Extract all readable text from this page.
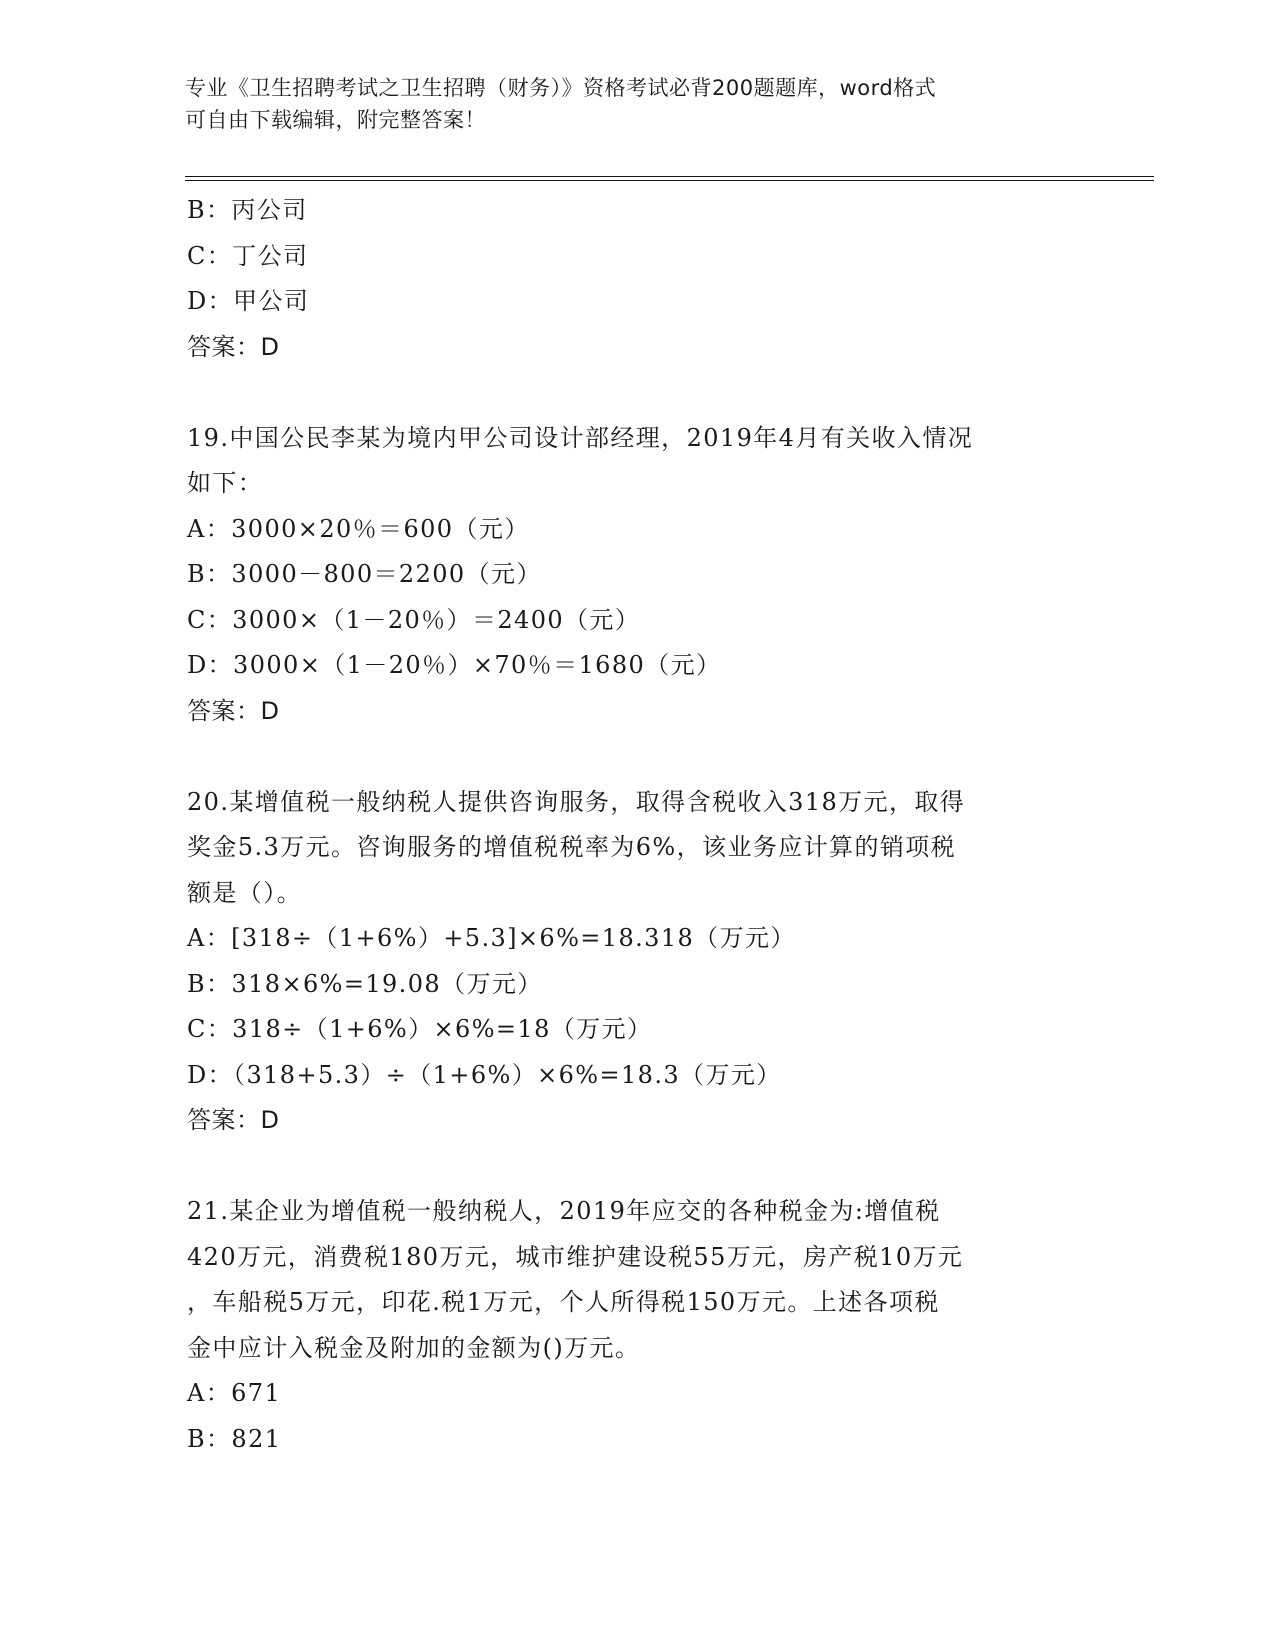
专业《卫生招聘考试之卫生招聘（财务）》资格考试必背200题题库，word格式
可自由下载编辑，附完整答案！
B：丙公司
C：丁公司
D：甲公司
答案：D
19.中国公民李某为境内甲公司设计部经理，2019年4月有关收入情况
如下：
A：3000×20％＝600（元）
B：3000－800＝2200（元）
C：3000×（1－20％）＝2400（元）
D：3000×（1－20％）×70％＝1680（元）
答案：D
20.某增值税一般纳税人提供咨询服务，取得含税收入318万元，取得
奖金5.3万元。咨询服务的增值税税率为6%，该业务应计算的销项税
额是（）。
A：[318÷（1+6%）+5.3]×6%=18.318（万元）
B：318×6%=19.08（万元）
C：318÷（1+6%）×6%=18（万元）
D：（318+5.3）÷（1+6%）×6%=18.3（万元）
答案：D
21.某企业为增值税一般纳税人，2019年应交的各种税金为:增值税
420万元，消费税180万元，城市维护建设税55万元，房产税10万元
，车船税5万元，印花.税1万元，个人所得税150万元。上述各项税
金中应计入税金及附加的金额为()万元。
A：671
B：821
